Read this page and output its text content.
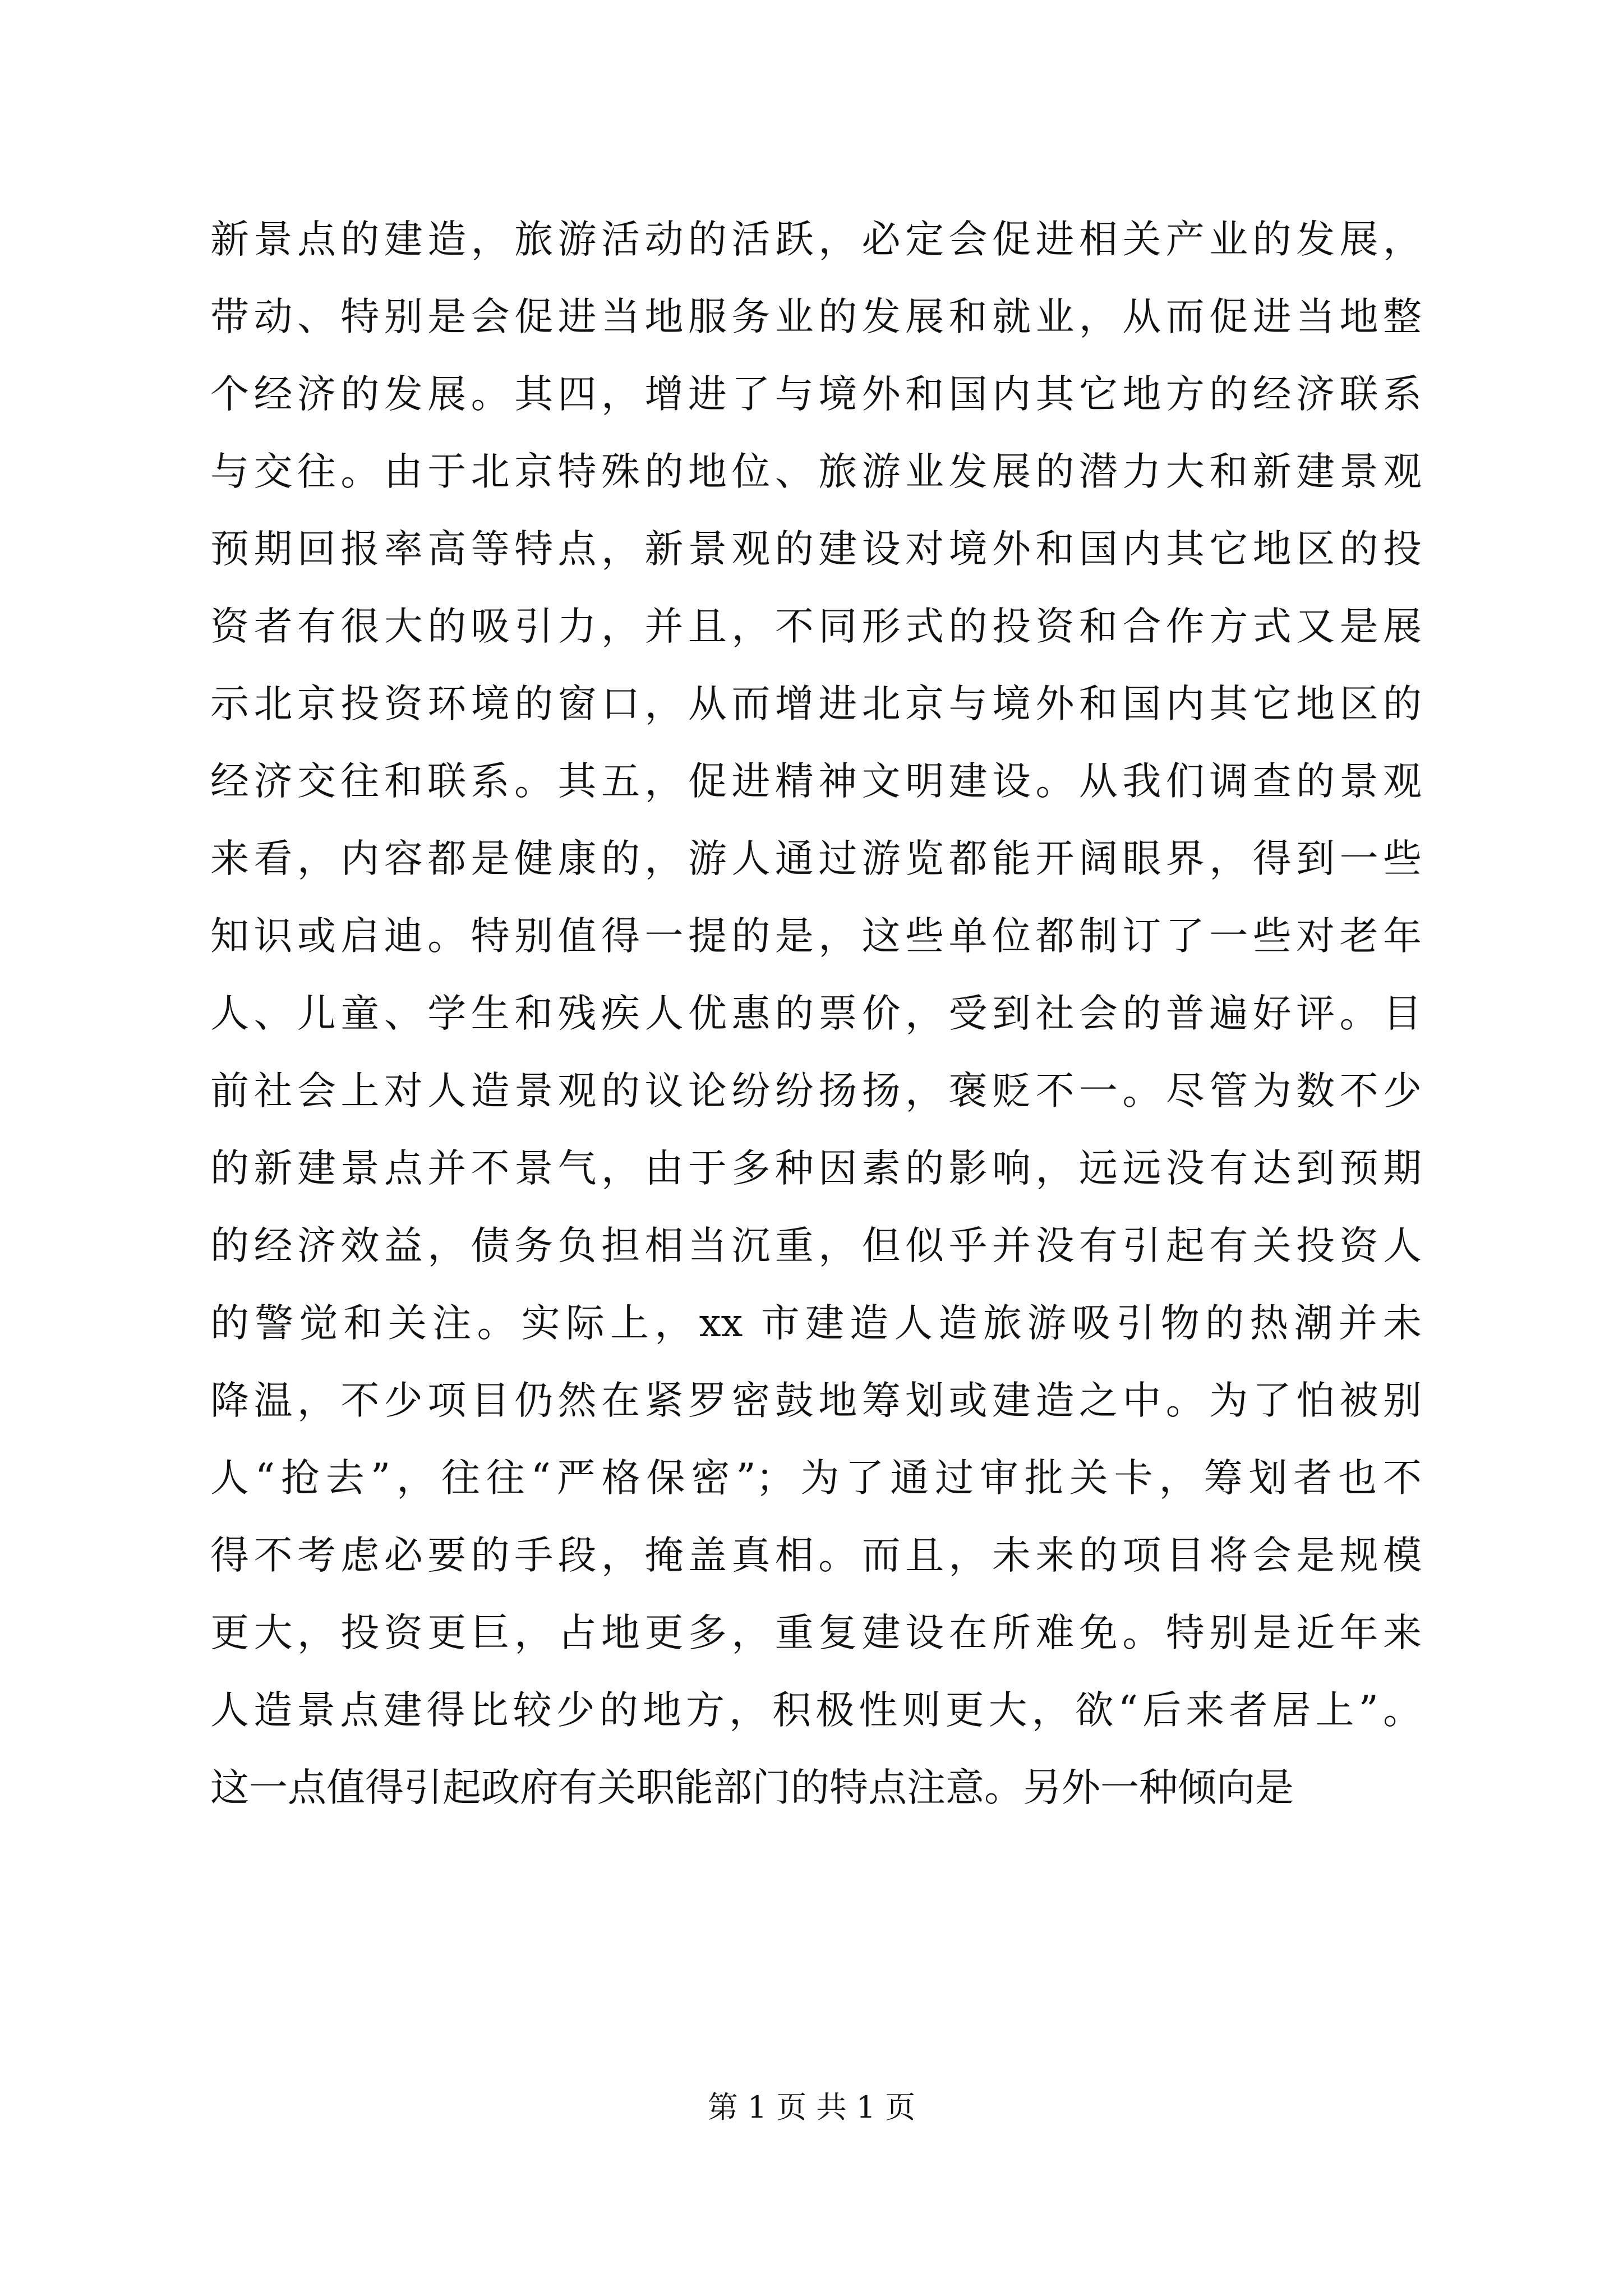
新景点的建造，旅游活动的活跃，必定会促进相关产业的发展，
带动、特别是会促进当地服务业的发展和就业，从而促进当地整
个经济的发展。其四，增进了与境外和国内其它地方的经济联系
与交往。由于北京特殊的地位、旅游业发展的潜力大和新建景观
预期回报率高等特点，新景观的建设对境外和国内其它地区的投
资者有很大的吸引力，并且，不同形式的投资和合作方式又是展
示北京投资环境的窗口，从而增进北京与境外和国内其它地区的
经济交往和联系。其五，促进精神文明建设。从我们调查的景观
来看，内容都是健康的，游人通过游览都能开阔眼界，得到一些
知识或启迪。特别值得一提的是，这些单位都制订了一些对老年
人、儿童、学生和残疾人优惠的票价，受到社会的普遍好评。目
前社会上对人造景观的议论纷纷扬扬，褒贬不一。尽管为数不少
的新建景点并不景气，由于多种因素的影响，远远没有达到预期
的经济效益，债务负担相当沉重，但似乎并没有引起有关投资人
的警觉和关注。实际上，xx 市建造人造旅游吸引物的热潮并未
降温，不少项目仍然在紧罗密鼓地筹划或建造之中。为了怕被别
人“抢去”，往往“严格保密”；为了通过审批关卡，筹划者也不
得不考虑必要的手段，掩盖真相。而且，未来的项目将会是规模
更大，投资更巨，占地更多，重复建设在所难免。特别是近年来
人造景点建得比较少的地方，积极性则更大，欲“后来者居上”。
这一点值得引起政府有关职能部门的特点注意。另外一种倾向是
第 1 页 共 1 页
